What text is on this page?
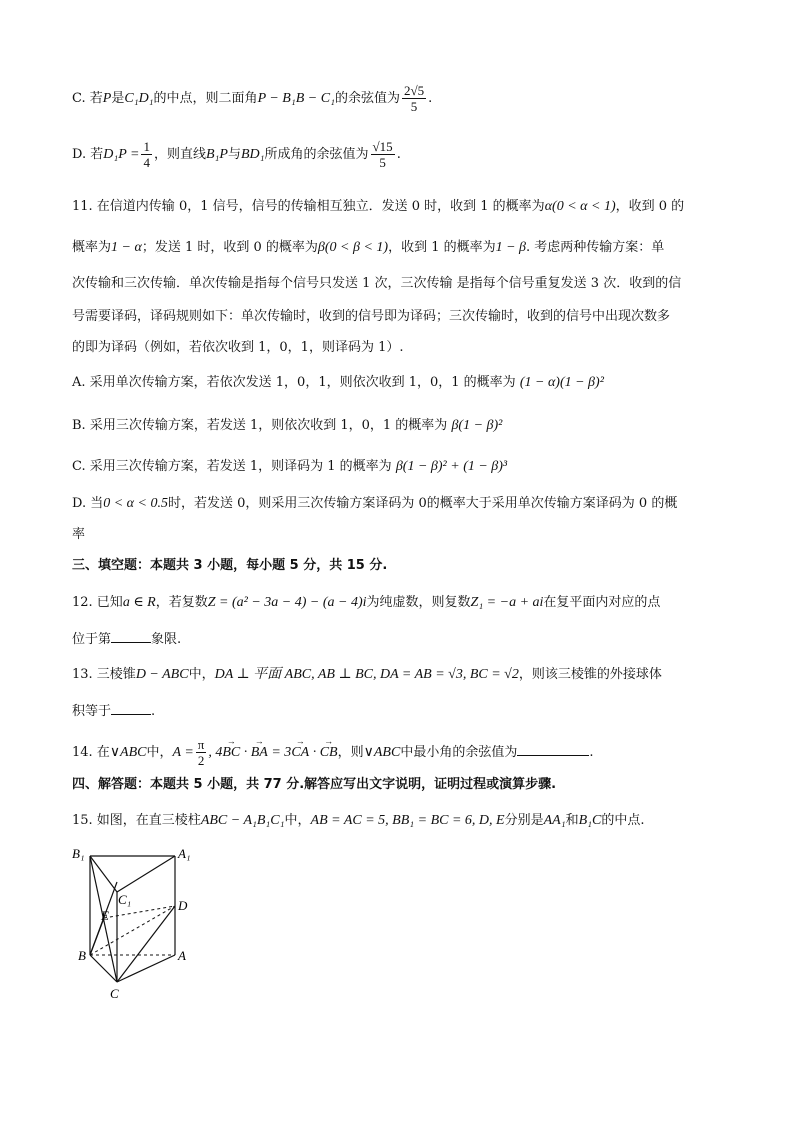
C. 若P是C₁D₁的中点，则二面角P − B₁B − C₁的余弦值为 $\frac{2√5}{5}$ .
D. 若$D_1P = \frac{1}{4}$ ，则直线B₁P与BD₁所成角的余弦值为 $\frac{√15}{5}$ .
11. 在信道内传输 0，1 信号，信号的传输相互独立．发送 0 时，收到 1 的概率为α(0 < α < 1)，收到 0 的
概率为1 − α；发送 1 时，收到 0 的概率为β(0 < β < 1)，收到 1 的概率为1 − β. 考虑两种传输方案：单
次传输和三次传输．单次传输是指每个信号只发送 1 次，三次传输 是指每个信号重复发送 3 次．收到的信
号需要译码，译码规则如下：单次传输时，收到的信号即为译码；三次传输时，收到的信号中出现次数多
的即为译码（例如，若依次收到 1，0，1，则译码为 1）.
A. 采用单次传输方案，若依次发送 1，0，1，则依次收到 1，0，1 的概率为 (1 − α)(1 − β)²
B. 采用三次传输方案，若发送 1，则依次收到 1，0，1 的概率为 β(1 − β)²
C. 采用三次传输方案，若发送 1，则译码为 1 的概率为 β(1 − β)² + (1 − β)³
D. 当0 < α < 0.5时，若发送 0，则采用三次传输方案译码为 0的概率大于采用单次传输方案译码为 0 的概
率
三、填空题：本题共 3 小题，每小题 5 分，共 15 分.
12. 已知a ∈ R，若复数Z = (a² − 3a − 4) − (a − 4)i为纯虚数，则复数Z₁ = −a + ai在复平面内对应的点
位于第	象限.
13. 三棱锥D − ABC中，DA ⊥ 平面 ABC, AB ⊥ BC, DA = AB = √3, BC = √2，则该三棱锥的外接球体
积等于	.
14. 在∨ABC中，$A = \frac{\pi}{2}$ , 4→ BC · → BA = 3→ CA · → CB，则∨ABC中最小角的余弦值为	.
四、解答题：本题共 5 小题，共 77 分.解答应写出文字说明，证明过程或演算步骤.
15. 如图，在直三棱柱ABC − A₁B₁C₁中，AB = AC = 5, BB₁ = BC = 6, D, E分别是AA₁和B₁C的中点.
B₁	A₁
C₁
E
D
B	A
C
